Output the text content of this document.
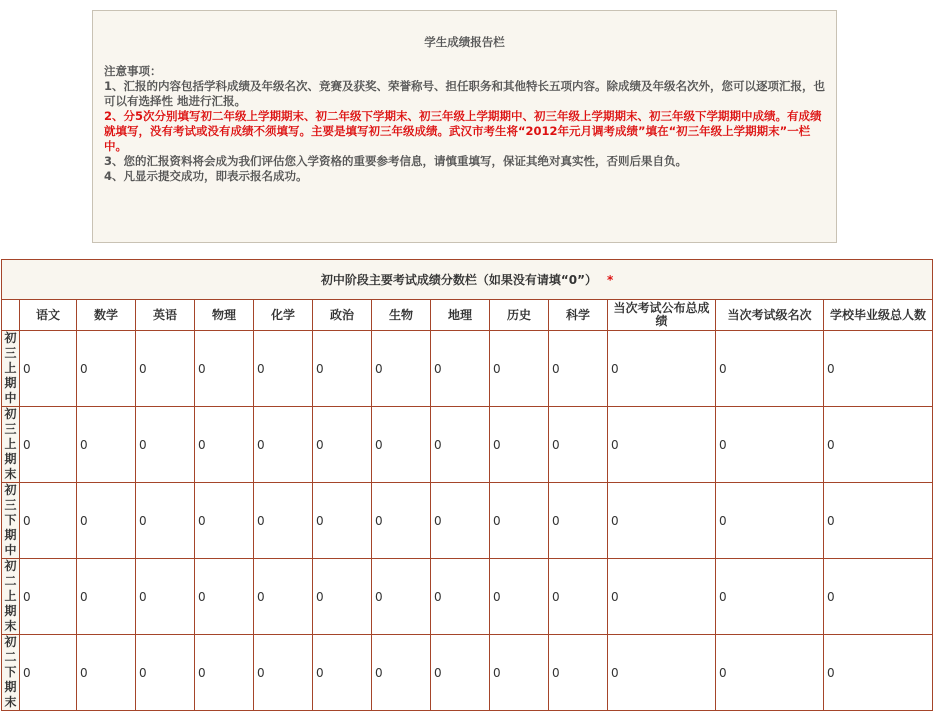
学生成绩报告栏
注意事项：

1、汇报的内容包括学科成绩及年级名次、竞赛及获奖、荣誉称号、担任职务和其他特长五项内容。除成绩及年级名次外，您可以逐项汇报，也可以有选择性 地进行汇报。

2、分5次分别填写初二年级上学期期末、初二年级下学期末、初三年级上学期期中、初三年级上学期期末、初三年级下学期期中成绩。有成绩就填写，没有考试或没有成绩不须填写。主要是填写初三年级成绩。武汉市考生将“2012年元月调考成绩”填在“初三年级上学期期末”一栏中。

3、您的汇报资料将会成为我们评估您入学资格的重要参考信息，请慎重填写，保证其绝对真实性，否则后果自负。

4、凡显示提交成功，即表示报名成功。

初中阶段主要考试成绩分数栏（如果没有请填“0”） *													
	语文	数学	英语	物理	化学	政治	生物	地理	历史	科学	当次考试公布总成绩	当次考试级名次	学校毕业级总人数
初三上期中	0	0	0	0	0	0	0	0	0	0	0	0	0
初三上期末	0	0	0	0	0	0	0	0	0	0	0	0	0
初三下期中	0	0	0	0	0	0	0	0	0	0	0	0	0
初二上期末	0	0	0	0	0	0	0	0	0	0	0	0	0
初二下期末	0	0	0	0	0	0	0	0	0	0	0	0	0
